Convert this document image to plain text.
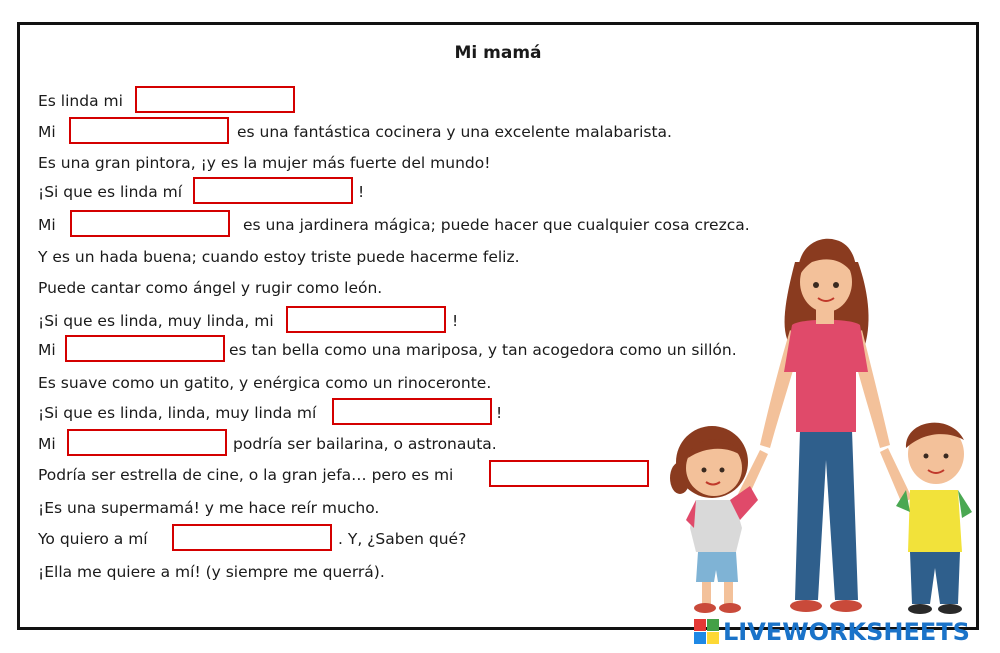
Mi mamá
Es linda mi
Mi	es una fantástica cocinera y una excelente malabarista.
Es una gran pintora, ¡y es la mujer más fuerte del mundo!
¡Si que es linda mí	!
Mi	es una jardinera mágica; puede hacer que cualquier cosa crezca.
Y es un hada buena; cuando estoy triste puede hacerme feliz.
Puede cantar como ángel y rugir como león.
¡Si que es linda, muy linda, mi	!
Mi	es tan bella como una mariposa, y tan acogedora como un sillón.
Es suave como un gatito, y enérgica como un rinoceronte.
¡Si que es linda, linda, muy linda mí	!
Mi	podría ser bailarina, o astronauta.
Podría ser estrella de cine, o la gran jefa… pero es mi
¡Es una supermamá! y me hace reír mucho.
Yo quiero a mí	. Y, ¿Saben qué?
¡Ella me quiere a mí! (y siempre me querrá).
LIVEWORKSHEETS
